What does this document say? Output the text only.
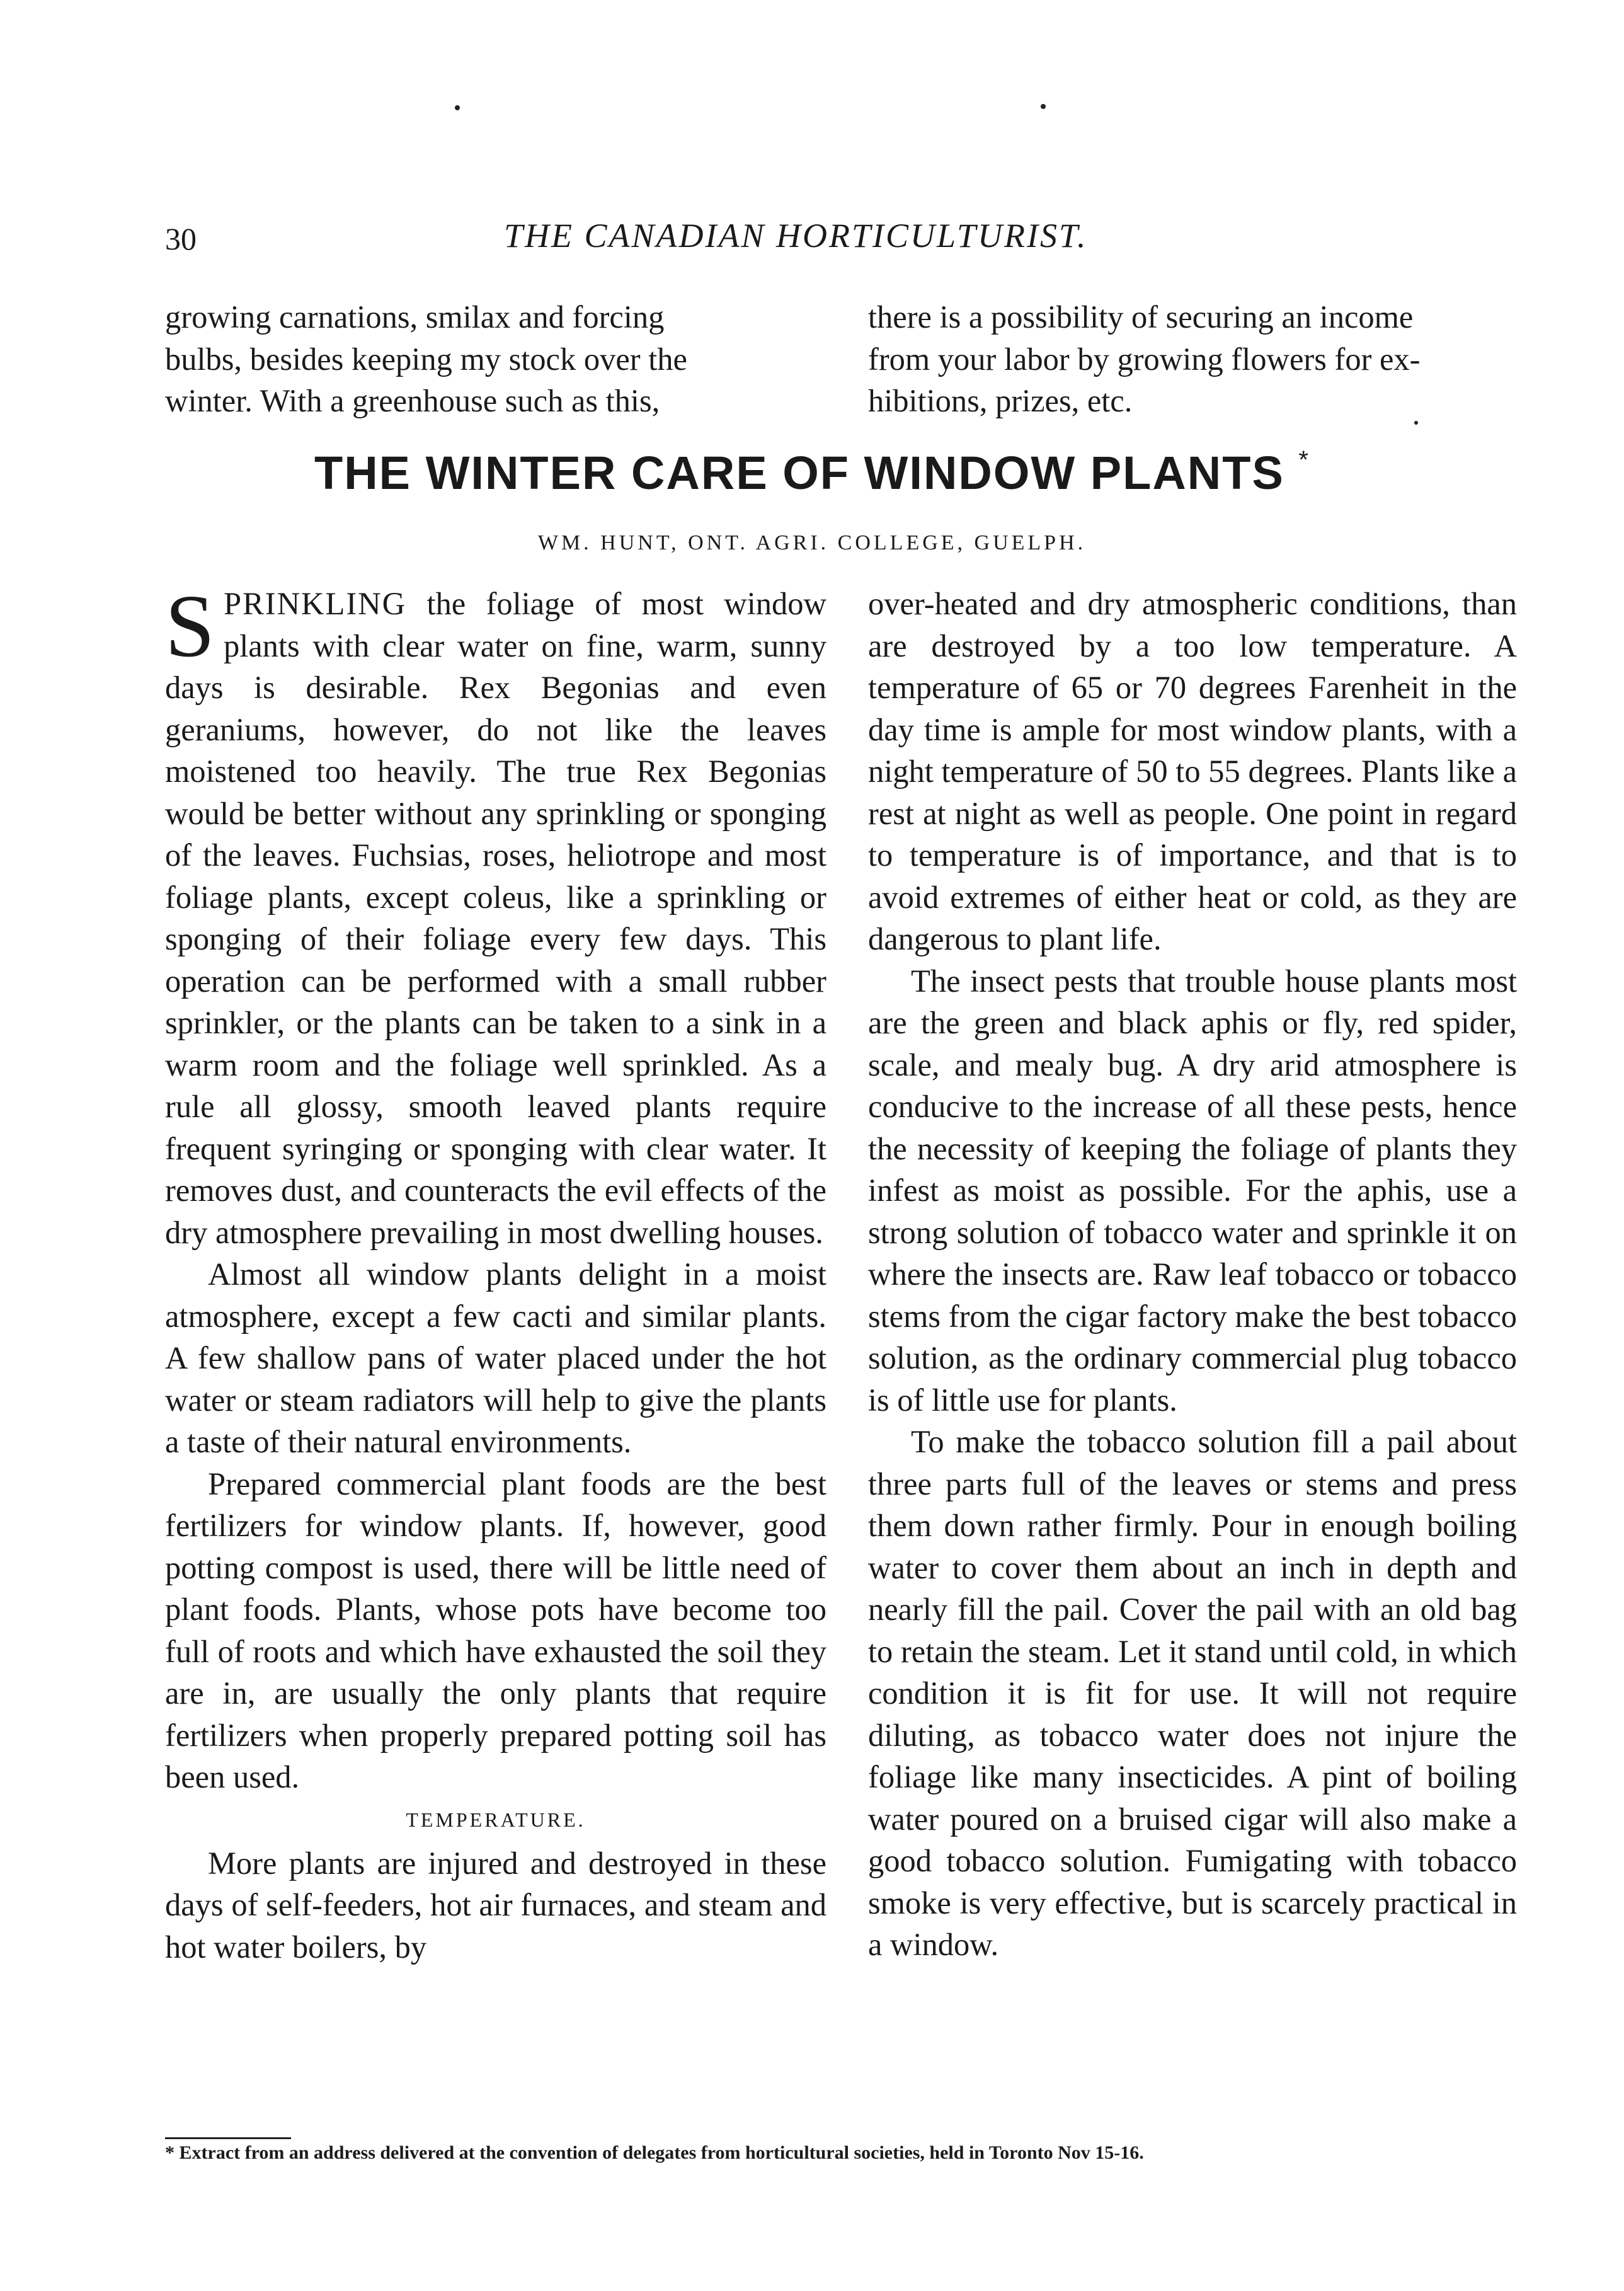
30	THE CANADIAN HORTICULTURIST.
growing carnations, smilax and forcing
bulbs, besides keeping my stock over the
winter. With a greenhouse such as this,
there is a possibility of securing an income
from your labor by growing flowers for ex-
hibitions, prizes, etc.
THE WINTER CARE OF WINDOW PLANTS *
WM. HUNT, ONT. AGRI. COLLEGE, GUELPH.

SPRINKLING the foliage of most window plants with clear water on fine, warm, sunny days is desirable. Rex Begonias and even geraniums, however, do not like the leaves moistened too heavily. The true Rex Begonias would be better without any sprinkling or sponging of the leaves. Fuchsias, roses, heliotrope and most foliage plants, except coleus, like a sprinkling or sponging of their foliage every few days. This operation can be performed with a small rubber sprinkler, or the plants can be taken to a sink in a warm room and the foliage well sprinkled. As a rule all glossy, smooth leaved plants require frequent syringing or sponging with clear water. It removes dust, and counteracts the evil effects of the dry atmosphere prevailing in most dwelling houses.

Almost all window plants delight in a moist atmosphere, except a few cacti and similar plants. A few shallow pans of water placed under the hot water or steam radiators will help to give the plants a taste of their natural environments.

Prepared commercial plant foods are the best fertilizers for window plants. If, however, good potting compost is used, there will be little need of plant foods. Plants, whose pots have become too full of roots and which have exhausted the soil they are in, are usually the only plants that require fertilizers when properly prepared potting soil has been used.

TEMPERATURE.

More plants are injured and destroyed in these days of self-feeders, hot air furnaces, and steam and hot water boilers, by

over-heated and dry atmospheric conditions, than are destroyed by a too low temperature. A temperature of 65 or 70 degrees Farenheit in the day time is ample for most window plants, with a night temperature of 50 to 55 degrees. Plants like a rest at night as well as people. One point in regard to temperature is of importance, and that is to avoid extremes of either heat or cold, as they are dangerous to plant life.

The insect pests that trouble house plants most are the green and black aphis or fly, red spider, scale, and mealy bug. A dry arid atmosphere is conducive to the increase of all these pests, hence the necessity of keeping the foliage of plants they infest as moist as possible. For the aphis, use a strong solution of tobacco water and sprinkle it on where the insects are. Raw leaf tobacco or tobacco stems from the cigar factory make the best tobacco solution, as the ordinary commercial plug tobacco is of little use for plants.

To make the tobacco solution fill a pail about three parts full of the leaves or stems and press them down rather firmly. Pour in enough boiling water to cover them about an inch in depth and nearly fill the pail. Cover the pail with an old bag to retain the steam. Let it stand until cold, in which condition it is fit for use. It will not require diluting, as tobacco water does not injure the foliage like many insecticides. A pint of boiling water poured on a bruised cigar will also make a good tobacco solution. Fumigating with tobacco smoke is very effective, but is scarcely practical in a window.

* Extract from an address delivered at the convention of delegates from horticultural societies, held in Toronto Nov 15-16.
